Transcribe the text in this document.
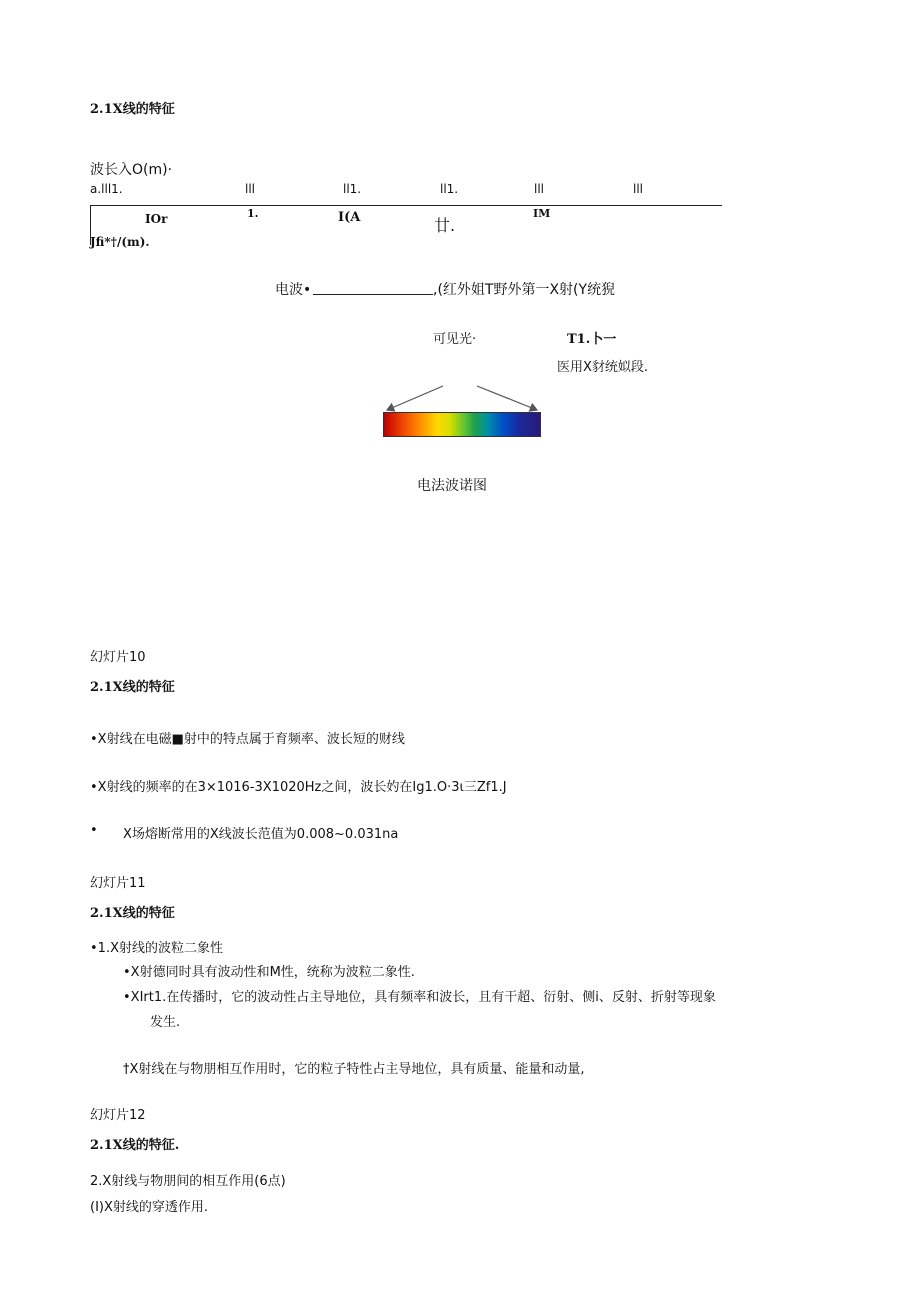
2.1X线的特征
波长入O(m)·
a.lll1.	lll	ll1.	ll1.	lll	lll
IOr	1.	I(A	廿.
IM
Jfi*†/(m).
电波•	,(红外姐T野外第一X射(Y统猊
可见光·	T1.卜一
医用X豺统姒段.
电法波诺图
幻灯片10
2.1X线的特征
•X射线在电磁■射中的特点属于育频率、波长短的财线
•X射线的频率的在3×1016-3X1020Hz之间，波长妁在Ig1.O·3ι三Zf1.J
• X场熔断常用的X线波长范值为0.008~0.031na
幻灯片11
2.1X线的特征
•1.X射线的波粒二象性
•X射德同时具有波动性和M性，统称为波粒二象性.
•XIrt1.在传播时，它的波动性占主导地位，具有频率和波长，且有干超、衍射、侧i、反射、折射等现象
发生.
†X射线在与物朋相互作用时，它的粒子特性占主导地位，具有质量、能量和动量,
幻灯片12
2.1X线的特征.
2.X射线与物朋间的相互作用(6点)
(I)X射线的穿透作用.
